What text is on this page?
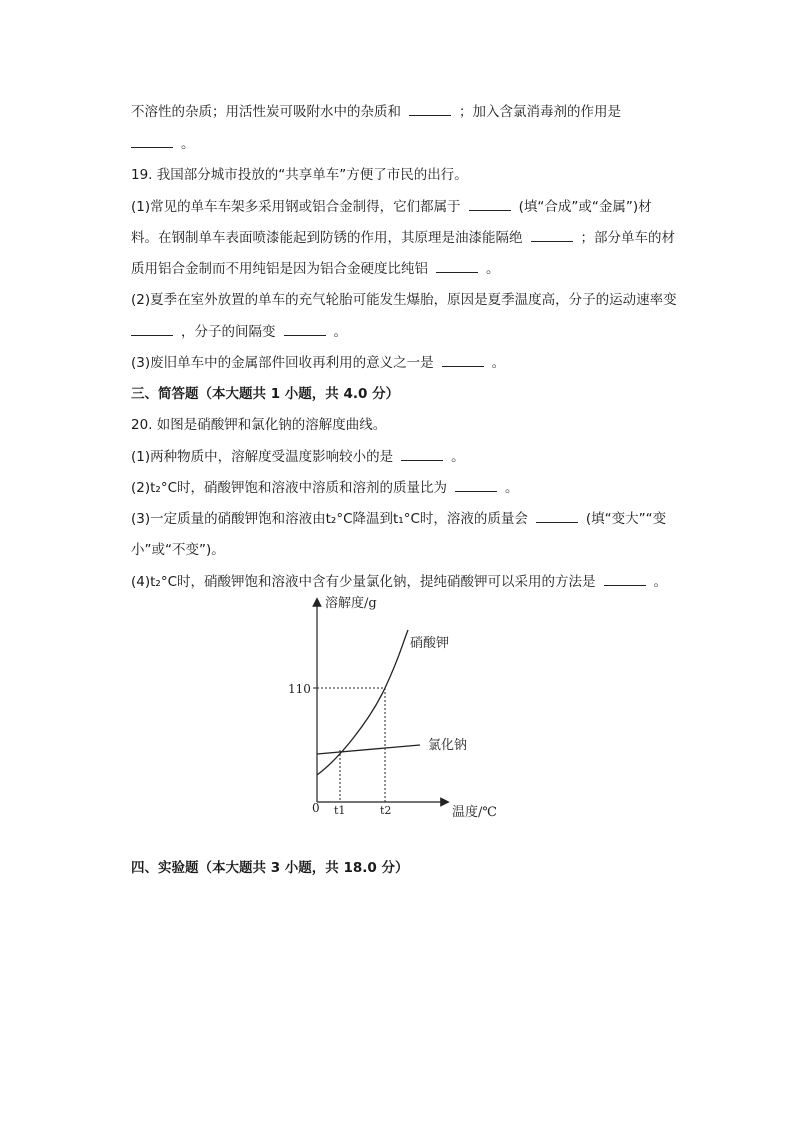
不溶性的杂质；用活性炭可吸附水中的杂质和	；加入含氯消毒剂的作用是
。
19. 我国部分城市投放的“共享单车”方便了市民的出行。
(1)常见的单车车架多采用钢或铝合金制得，它们都属于	(填“合成”或“金属”)材
料。在钢制单车表面喷漆能起到防锈的作用，其原理是油漆能隔绝	；部分单车的材
质用铝合金制而不用纯铝是因为铝合金硬度比纯铝	。
(2)夏季在室外放置的单车的充气轮胎可能发生爆胎，原因是夏季温度高，分子的运动速率变
，分子的间隔变	。
(3)废旧单车中的金属部件回收再利用的意义之一是	。
三、简答题（本大题共 1 小题，共 4.0 分）
20. 如图是硝酸钾和氯化钠的溶解度曲线。
(1)两种物质中，溶解度受温度影响较小的是	。
(2)t₂°C时，硝酸钾饱和溶液中溶质和溶剂的质量比为	。
(3)一定质量的硝酸钾饱和溶液由t₂°C降温到t₁°C时，溶液的质量会	(填“变大”“变
小”或“不变”)。
(4)t₂°C时，硝酸钾饱和溶液中含有少量氯化钠，提纯硝酸钾可以采用的方法是	。
溶解度/g
温度/℃
0
110
t1	t2
硝酸钾
氯化钠
四、实验题（本大题共 3 小题，共 18.0 分）
